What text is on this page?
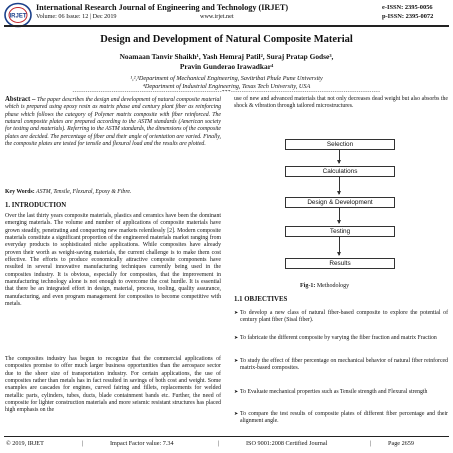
IRJET
International Research Journal of Engineering and Technology (IRJET)
Volume: 06 Issue: 12 | Dec 2019	www.irjet.net
e-ISSN: 2395-0056
p-ISSN: 2395-0072
Design and Development of Natural Composite Material
Noamaan Tanvir Shaikh¹, Yash Hemraj Patil², Suraj Pratap Godse³,
Pravin Gunderao Irawadkar⁴
¹,²,³Department of Mechanical Engineering, Savitribai Phule Pune University
⁴Department of Industrial Engineering, Texas Tech University, USA
---------------------------------------------------------------------***---------------------------------------------------------------------
Abstract – The paper describes the design and development of natural composite material which is prepared using epoxy resin as matrix phase and century plant fiber as reinforcing phase which follows the category of Polymer matrix composite with fiber reinforced. The natural composite plates are prepared according to the ASTM standards (American society for testing and materials). Referring to the ASTM standards, the dimensions of the composite plates are decided. The percentage of fiber and their angle of orientation are varied. Finally, the composite plates are tested for tensile and flexural load and the results are plotted.
Key Words: ASTM, Tensile, Flexural, Epoxy & Fibre.
1. INTRODUCTION
Over the last thirty years composite materials, plastics and ceramics have been the dominant emerging materials. The volume and number of applications of composite materials have grown steadily, penetrating and conquering new markets relentlessly [2]. Modern composite materials constitute a significant proportion of the engineered materials market ranging from everyday products to sophisticated niche applications. While composites have already proven their worth as weight-saving materials, the current challenge is to make them cost effective. The efforts to produce economically attractive composite components have resulted in several innovative manufacturing techniques currently being used in the composites industry. It is obvious, especially for composites, that the improvement in manufacturing technology alone is not enough to overcome the cost hurdle. It is essential that there be an integrated effort in design, material, process, tooling, quality assurance, manufacturing, and even program management for composites to become competitive with metals.
The composites industry has begun to recognize that the commercial applications of composites promise to offer much larger business opportunities than the aerospace sector due to the sheer size of transportation industry. For certain applications, the use of composites rather than metals has in fact resulted in savings of both cost and weight. Some examples are cascades for engines, curved fairing and fillets, replacements for welded metallic parts, cylinders, tubes, ducts, blade containment bands etc. Further, the need of composite for lighter construction materials and more seismic resistant structures has placed high emphasis on the
use of new and advanced materials that not only decreases dead weight but also absorbs the shock & vibration through tailored microstructures.
Selection
Calculations
Design & Development
Testing
Results
Fig-1: Methodology
1.1 OBJECTIVES
➤ To develop a new class of natural fiber-based composite to explore the potential of century plant fiber (Sisal fiber).
➤ To fabricate the different composite by varying the fiber fraction and matrix Fraction
➤ To study the effect of fiber percentage on mechanical behavior of natural fiber reinforced matrix-based composites.
➤ To Evaluate mechanical properties such as Tensile strength and Flexural strength
➤ To compare the test results of composite plates of different fiber percentage and their alignment angle.
© 2019, IRJET	|	Impact Factor value: 7.34	|	ISO 9001:2008 Certified Journal	|	Page 2659
